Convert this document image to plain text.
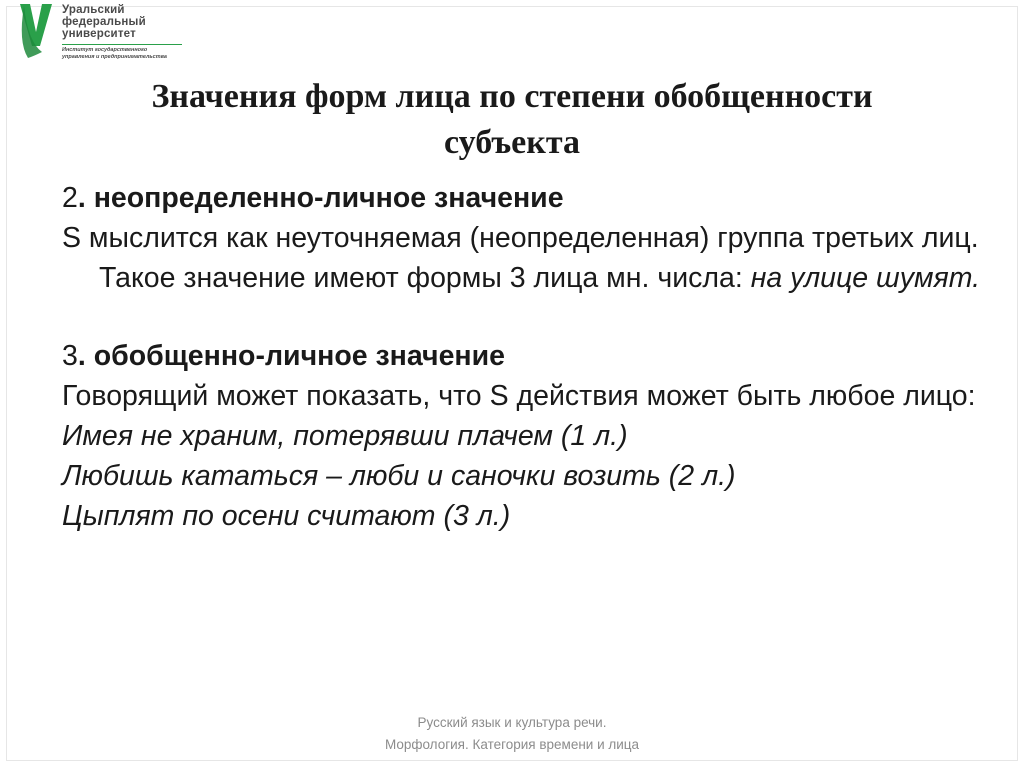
Уральский
федеральный
университет
Институт государственного
управления и предпринимательства
Значения форм лица по степени обобщенности
субъекта

2. неопределенно-личное значение

S мыслится как неуточняемая (неопределенная) группа третьих лиц. Такое значение имеют формы 3 лица мн. числа: на улице шумят.

3. обобщенно-личное значение

Говорящий может показать, что S действия может быть любое лицо:

Имея не храним, потерявши плачем (1 л.)

Любишь кататься – люби и саночки возить (2 л.)

Цыплят по осени считают (3 л.)

Русский язык и культура речи.
Морфология. Категория времени и лица
